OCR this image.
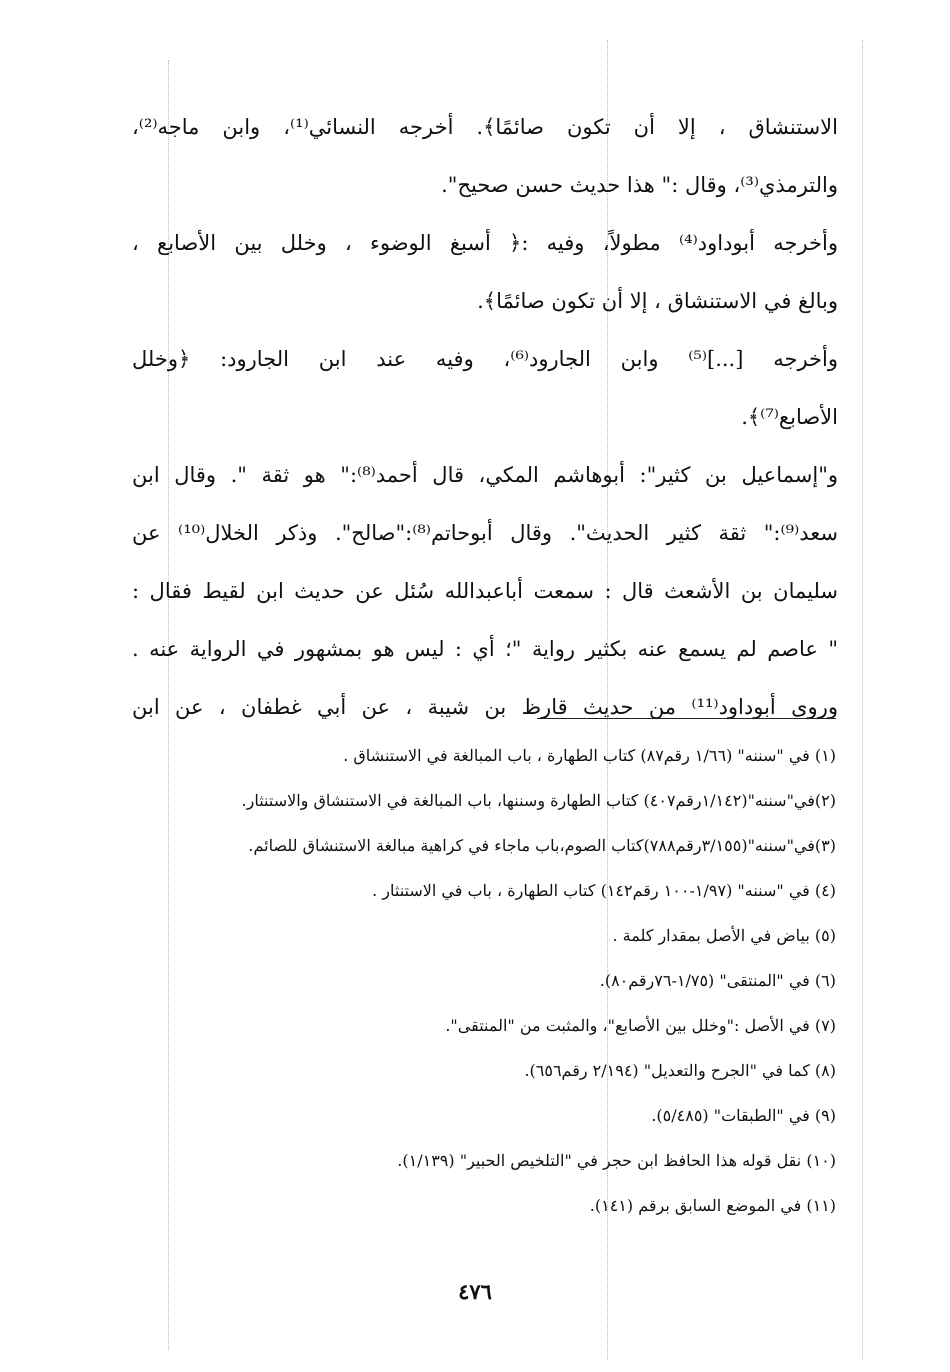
الاستنشاق ، إلا أن تكون صائمًا﴾. أخرجه النسائي⁽¹⁾، وابن ماجه⁽²⁾،
والترمذي⁽³⁾، وقال :" هذا حديث حسن صحيح".
وأخرجه أبوداود⁽⁴⁾ مطولاً، وفيه :﴿ أسبغ الوضوء ، وخلل بين الأصابع ،
وبالغ في الاستنشاق ، إلا أن تكون صائمًا﴾.
وأخرجه [...]⁽⁵⁾ وابن الجارود⁽⁶⁾، وفيه عند ابن الجارود: ﴿وخلل
الأصابع⁽⁷⁾﴾.
و"إسماعيل بن كثير": أبوهاشم المكي، قال أحمد⁽⁸⁾:" هو ثقة ". وقال ابن
سعد⁽⁹⁾:" ثقة كثير الحديث". وقال أبوحاتم⁽⁸⁾:"صالح". وذكر الخلال⁽¹⁰⁾ عن
سليمان بن الأشعث قال : سمعت أباعبدالله سُئل عن حديث ابن لقيط فقال :
" عاصم لم يسمع عنه بكثير رواية "؛ أي : ليس هو بمشهور في الرواية عنه .
وروى أبوداود⁽¹¹⁾ من حديث قارظ بن شيبة ، عن أبي غطفان ، عن ابن
(١) في "سننه" (١/٦٦ رقم٨٧) كتاب الطهارة ، باب المبالغة في الاستنشاق .
(٢)في"سننه"(١/١٤٢رقم٤٠٧) كتاب الطهارة وسننها، باب المبالغة في الاستنشاق والاستنثار.
(٣)في"سننه"(٣/١٥٥رقم٧٨٨)كتاب الصوم،باب ماجاء في كراهية مبالغة الاستنشاق للصائم.
(٤) في "سننه" (١/٩٧-١٠٠ رقم١٤٢) كتاب الطهارة ، باب في الاستنثار .
(٥) بياض في الأصل بمقدار كلمة .
(٦) في "المنتقى" (١/٧٥-٧٦رقم٨٠).
(٧) في الأصل :"وخلل بين الأصابع"، والمثبت من "المنتقى".
(٨) كما في "الجرح والتعديل" (٢/١٩٤ رقم٦٥٦).
(٩) في "الطبقات" (٥/٤٨٥).
(١٠) نقل قوله هذا الحافظ ابن حجر في "التلخيص الحبير" (١/١٣٩).
(١١) في الموضع السابق برقم (١٤١).
٤٧٦
